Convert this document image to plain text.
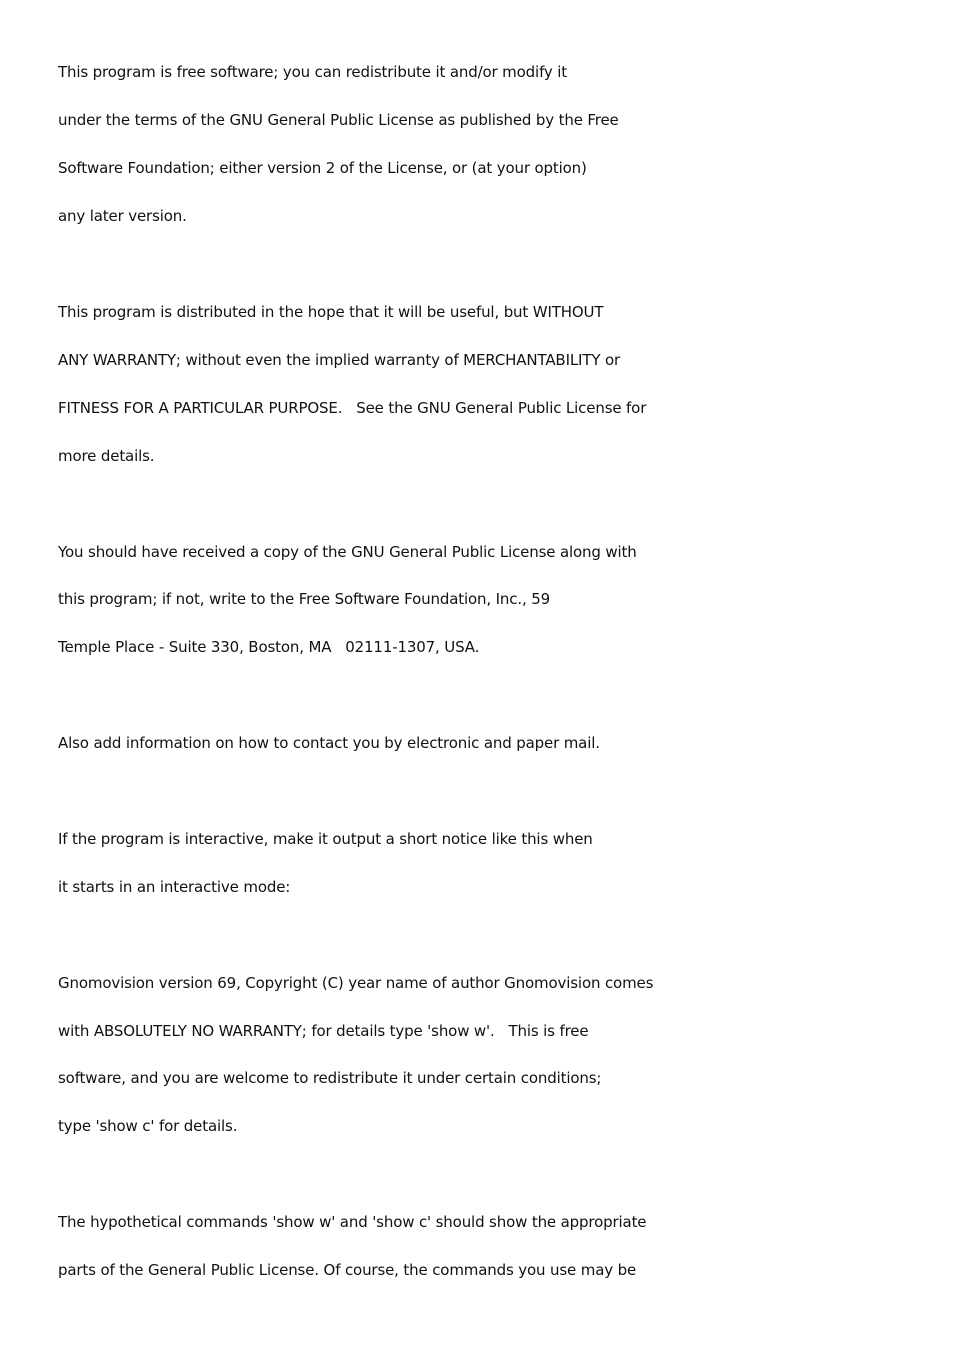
This program is free software; you can redistribute it and/or modify it
under the terms of the GNU General Public License as published by the Free
Software Foundation; either version 2 of the License, or (at your option)
any later version.
This program is distributed in the hope that it will be useful, but WITHOUT
ANY WARRANTY; without even the implied warranty of MERCHANTABILITY or
FITNESS FOR A PARTICULAR PURPOSE.   See the GNU General Public License for
more details.
You should have received a copy of the GNU General Public License along with
this program; if not, write to the Free Software Foundation, Inc., 59
Temple Place - Suite 330, Boston, MA   02111-1307, USA.
Also add information on how to contact you by electronic and paper mail.
If the program is interactive, make it output a short notice like this when
it starts in an interactive mode:
Gnomovision version 69, Copyright (C) year name of author Gnomovision comes
with ABSOLUTELY NO WARRANTY; for details type 'show w'.   This is free
software, and you are welcome to redistribute it under certain conditions;
type 'show c' for details.
The hypothetical commands 'show w' and 'show c' should show the appropriate
parts of the General Public License. Of course, the commands you use may be
